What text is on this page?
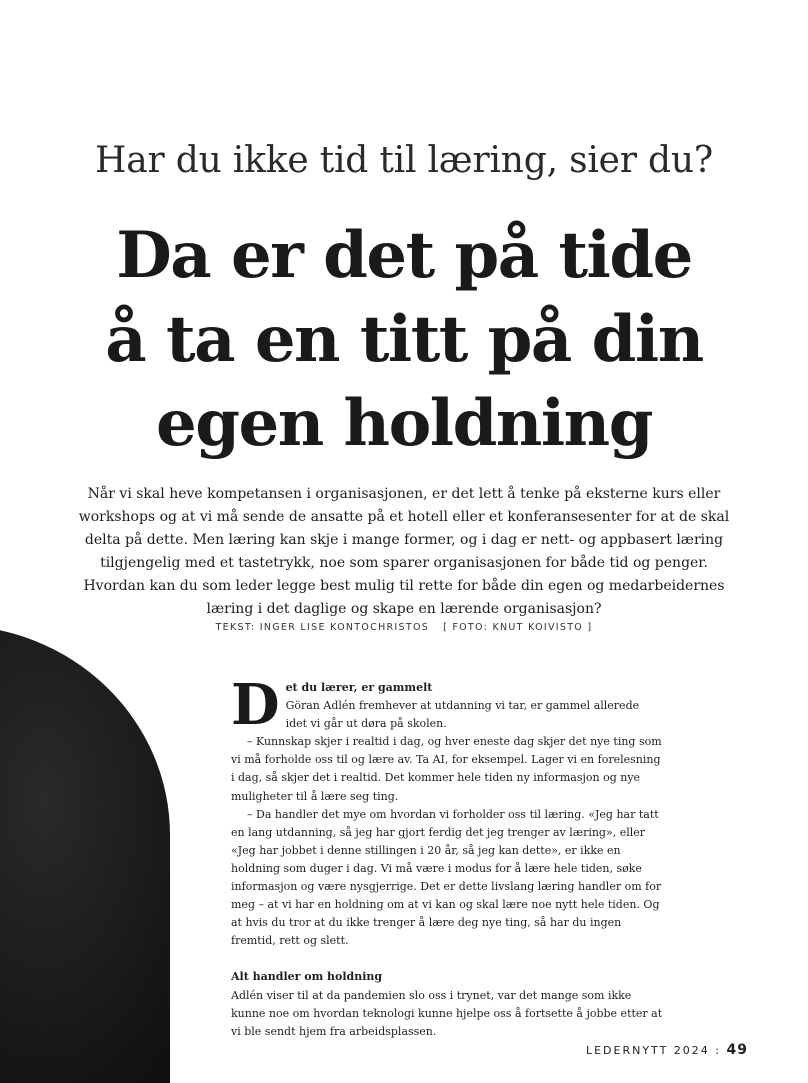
Har du ikke tid til læring, sier du?
Da er det på tide
å ta en titt på din
egen holdning

Når vi skal heve kompetansen i organisasjonen, er det lett å tenke på eksterne kurs eller workshops og at vi må sende de ansatte på et hotell eller et konferansesenter for at de skal delta på dette. Men læring kan skje i mange former, og i dag er nett- og appbasert læring tilgjengelig med et tastetrykk, noe som sparer organisasjonen for både tid og penger. Hvordan kan du som leder legge best mulig til rette for både din egen og medarbeidernes læring i det daglige og skape en lærende organisasjon?

TEKST: INGER LISE KONTOCHRISTOS [ FOTO: KNUT KOIVISTO ]
D et du lærer, er gammelt

Göran Adlén fremhever at utdanning vi tar, er gammel allerede idet vi går ut døra på skolen.

– Kunnskap skjer i realtid i dag, og hver eneste dag skjer det nye ting som vi må forholde oss til og lære av. Ta AI, for eksempel. Lager vi en forelesning i dag, så skjer det i realtid. Det kommer hele tiden ny informasjon og nye muligheter til å lære seg ting.

– Da handler det mye om hvordan vi forholder oss til læring. «Jeg har tatt en lang utdanning, så jeg har gjort ferdig det jeg trenger av læring», eller «Jeg har jobbet i denne stillingen i 20 år, så jeg kan dette», er ikke en holdning som duger i dag. Vi må være i modus for å lære hele tiden, søke informasjon og være nysgjerrige. Det er dette livslang læring handler om for meg – at vi har en holdning om at vi kan og skal lære noe nytt hele tiden. Og at hvis du tror at du ikke trenger å lære deg nye ting, så har du ingen fremtid, rett og slett.

Alt handler om holdning

Adlén viser til at da pandemien slo oss i trynet, var det mange som ikke kunne noe om hvordan teknologi kunne hjelpe oss å fortsette å jobbe etter at vi ble sendt hjem fra arbeidsplassen.

LEDERNYTT 2024 : 49
